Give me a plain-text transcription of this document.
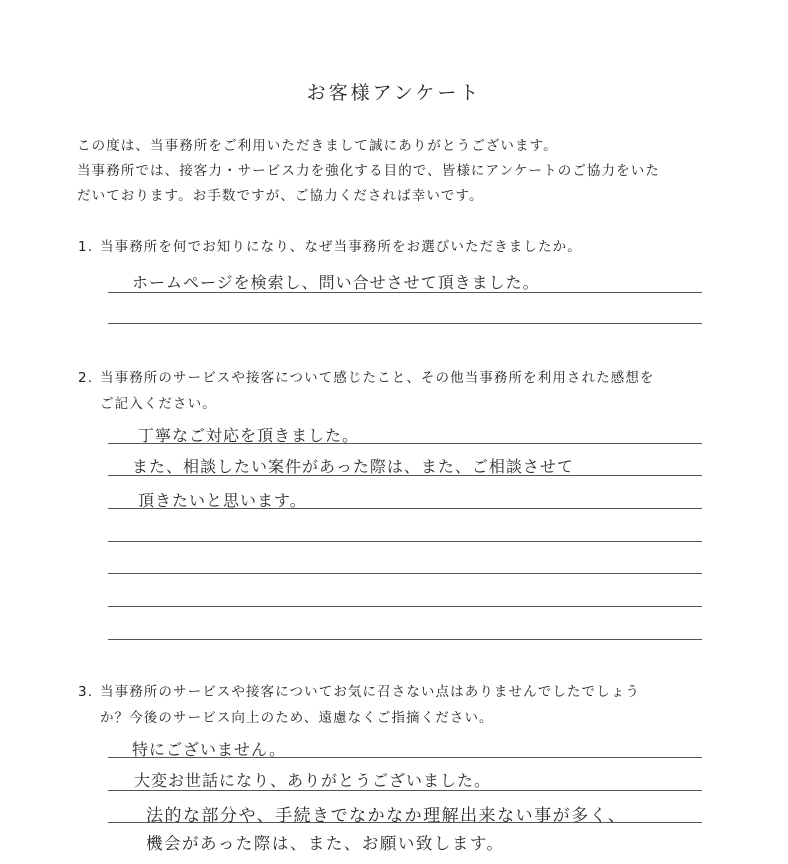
お客様アンケート

この度は、当事務所をご利用いただきまして誠にありがとうございます。

当事務所では、接客力・サービス力を強化する目的で、皆様にアンケートのご協力をいた

だいております。お手数ですが、ご協力くだされば幸いです。

1. 当事務所を何でお知りになり、なぜ当事務所をお選びいただきましたか。
ホームページを検索し、問い合せさせて頂きました。
2. 当事務所のサービスや接客について感じたこと、その他当事務所を利用された感想を
ご記入ください。
丁寧なご対応を頂きました。
また、相談したい案件があった際は、また、ご相談させて
頂きたいと思います。
3. 当事務所のサービスや接客についてお気に召さない点はありませんでしたでしょう
か？今後のサービス向上のため、遠慮なくご指摘ください。
特にございません。
大変お世話になり、ありがとうございました。
法的な部分や、手続きでなかなか理解出来ない事が多く、
機会があった際は、また、お願い致します。
